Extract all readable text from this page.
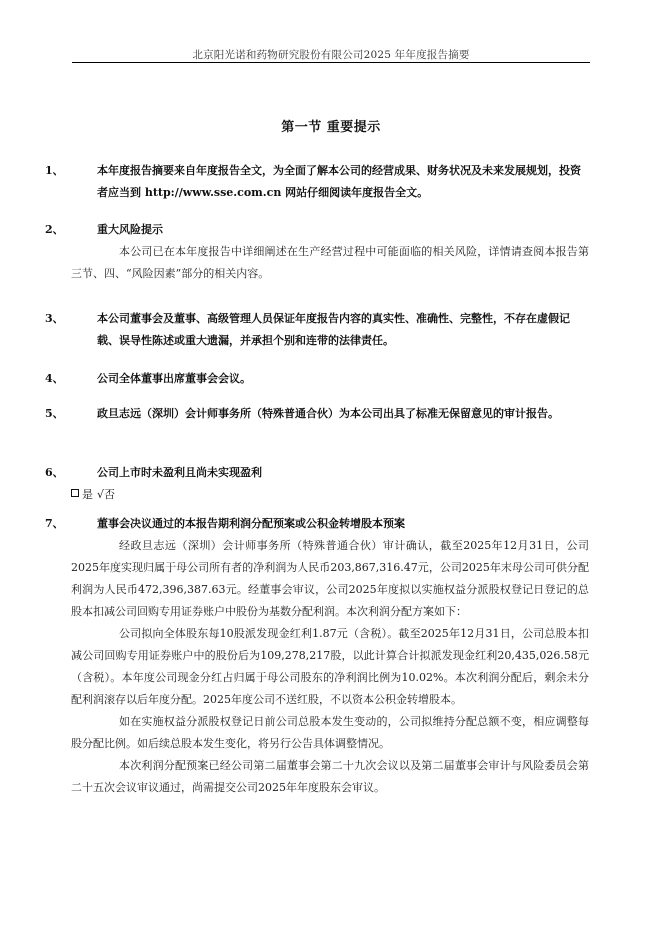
北京阳光诺和药物研究股份有限公司2025 年年度报告摘要
第一节 重要提示
1、	本年度报告摘要来自年度报告全文，为全面了解本公司的经营成果、财务状况及未来发展规划，投资者应当到 http://www.sse.com.cn 网站仔细阅读年度报告全文。
2、	重大风险提示
本公司已在本年度报告中详细阐述在生产经营过程中可能面临的相关风险，详情请查阅本报告第三节、四、“风险因素”部分的相关内容。
3、	本公司董事会及董事、高级管理人员保证年度报告内容的真实性、准确性、完整性，不存在虚假记载、误导性陈述或重大遗漏，并承担个别和连带的法律责任。
4、	公司全体董事出席董事会会议。
5、	政旦志远（深圳）会计师事务所（特殊普通合伙）为本公司出具了标准无保留意见的审计报告。
6、	公司上市时未盈利且尚未实现盈利
是 √否
7、	董事会决议通过的本报告期利润分配预案或公积金转增股本预案
经政旦志远（深圳）会计师事务所（特殊普通合伙）审计确认，截至2025年12月31日，公司2025年度实现归属于母公司所有者的净利润为人民币203,867,316.47元，公司2025年末母公司可供分配利润为人民币472,396,387.63元。经董事会审议，公司2025年度拟以实施权益分派股权登记日登记的总股本扣减公司回购专用证券账户中股份为基数分配利润。本次利润分配方案如下：
公司拟向全体股东每10股派发现金红利1.87元（含税）。截至2025年12月31日，公司总股本扣减公司回购专用证券账户中的股份后为109,278,217股，以此计算合计拟派发现金红利20,435,026.58元（含税）。本年度公司现金分红占归属于母公司股东的净利润比例为10.02%。本次利润分配后，剩余未分配利润滚存以后年度分配。2025年度公司不送红股，不以资本公积金转增股本。
如在实施权益分派股权登记日前公司总股本发生变动的，公司拟维持分配总额不变，相应调整每股分配比例。如后续总股本发生变化，将另行公告具体调整情况。
本次利润分配预案已经公司第二届董事会第二十九次会议以及第二届董事会审计与风险委员会第二十五次会议审议通过，尚需提交公司2025年年度股东会审议。
